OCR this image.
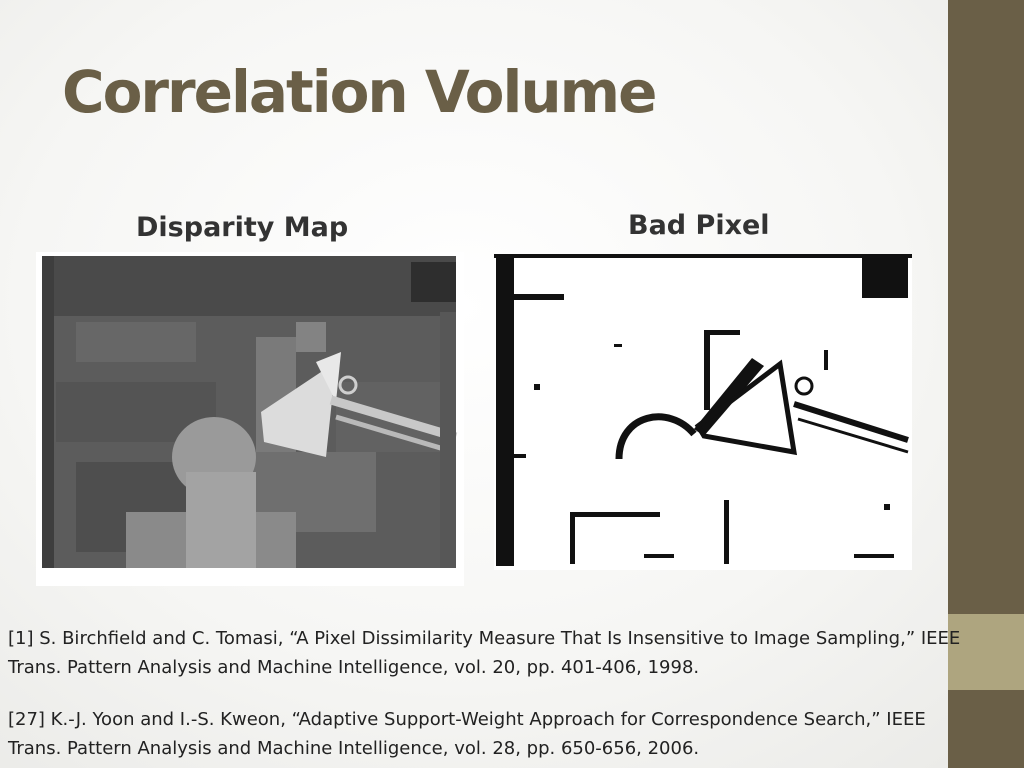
Correlation Volume
Disparity Map	Bad Pixel

[1] S. Birchfield and C. Tomasi, “A Pixel Dissimilarity Measure That Is Insensitive to Image Sampling,” IEEE Trans. Pattern Analysis and Machine Intelligence, vol. 20, pp. 401-406, 1998.

[27] K.-J. Yoon and I.-S. Kweon, “Adaptive Support-Weight Approach for Correspondence Search,” IEEE Trans. Pattern Analysis and Machine Intelligence, vol. 28, pp. 650-656, 2006.
